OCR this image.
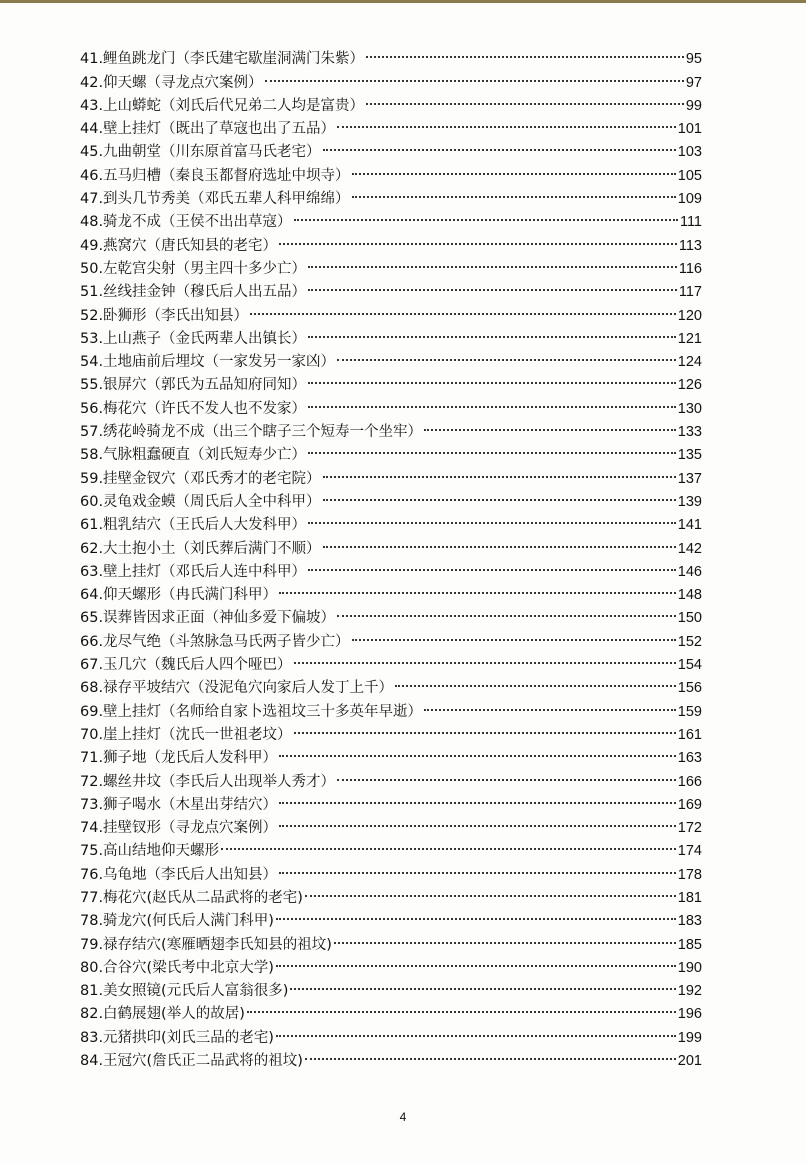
41.鲤鱼跳龙门（李氏建宅歇崖洞满门朱紫）	95
42.仰天螺（寻龙点穴案例）	97
43.上山蟒蛇（刘氏后代兄弟二人均是富贵）	99
44.壁上挂灯（既出了草寇也出了五品）	101
45.九曲朝堂（川东原首富马氏老宅）	103
46.五马归槽（秦良玉都督府选址中坝寺）	105
47.到头几节秀美（邓氏五辈人科甲绵绵）	109
48.骑龙不成（王侯不出出草寇）	111
49.燕窝穴（唐氏知县的老宅）	113
50.左乾宫尖射（男主四十多少亡）	116
51.丝线挂金钟（穆氏后人出五品）	117
52.卧狮形（李氏出知县）	120
53.上山燕子（金氏两辈人出镇长）	121
54.土地庙前后埋坟（一家发另一家凶）	124
55.银屏穴（郭氏为五品知府同知）	126
56.梅花穴（许氏不发人也不发家）	130
57.绣花岭骑龙不成（出三个瞎子三个短寿一个坐牢）	133
58.气脉粗蠢硬直（刘氏短寿少亡）	135
59.挂壁金钗穴（邓氏秀才的老宅院）	137
60.灵龟戏金蟆（周氏后人全中科甲）	139
61.粗乳结穴（王氏后人大发科甲）	141
62.大土抱小土（刘氏葬后满门不顺）	142
63.壁上挂灯（邓氏后人连中科甲）	146
64.仰天螺形（冉氏满门科甲）	148
65.误葬皆因求正面（神仙多爱下偏坡）	150
66.龙尽气绝（斗煞脉急马氏两子皆少亡）	152
67.玉几穴（魏氏后人四个哑巴）	154
68.禄存平坡结穴（没泥龟穴向家后人发丁上千）	156
69.壁上挂灯（名师给自家卜选祖坟三十多英年早逝）	159
70.崖上挂灯（沈氏一世祖老坟）	161
71.狮子地（龙氏后人发科甲）	163
72.螺丝井坟（李氏后人出现举人秀才）	166
73.狮子喝水（木星出芽结穴）	169
74.挂壁钗形（寻龙点穴案例）	172
75.高山结地仰天螺形	174
76.乌龟地（李氏后人出知县）	178
77.梅花穴(赵氏从二品武将的老宅)	181
78.骑龙穴(何氏后人满门科甲)	183
79.禄存结穴(寒雁晒翅李氏知县的祖坟)	185
80.合谷穴(梁氏考中北京大学)	190
81.美女照镜(元氏后人富翁很多)	192
82.白鹤展翅(举人的故居)	196
83.元猪拱印(刘氏三品的老宅)	199
84.王冠穴(詹氏正二品武将的祖坟)	201
4
